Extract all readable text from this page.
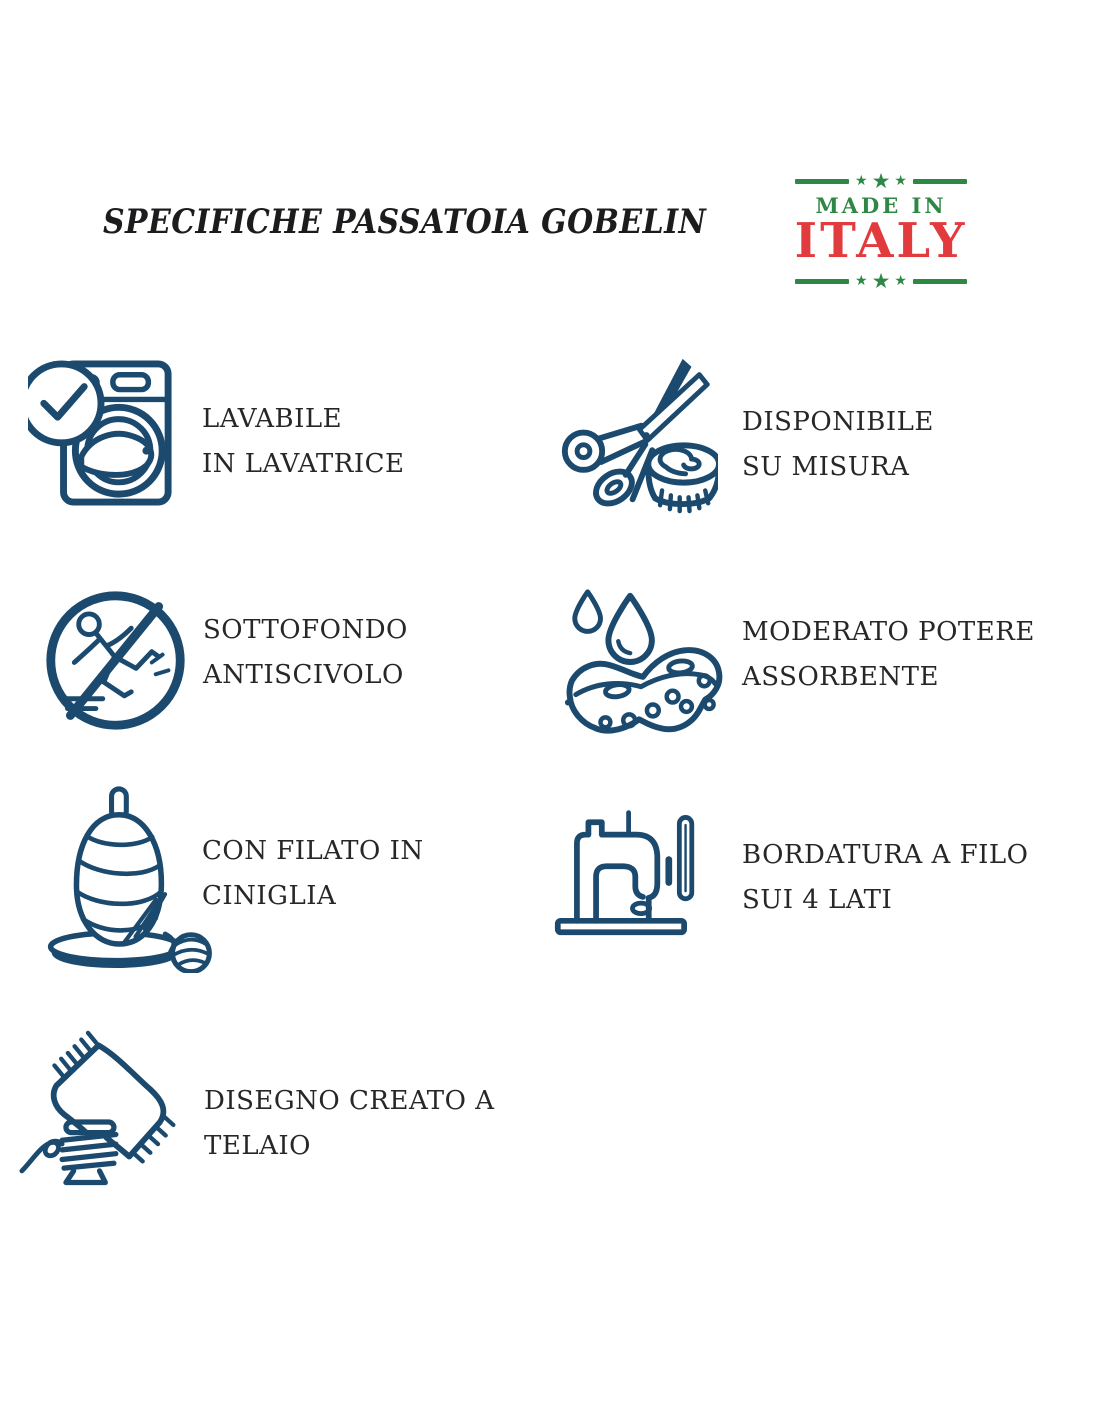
SPECIFICHE PASSATOIA GOBELIN
★ ★ ★
MADE IN
ITALY
★ ★ ★
LAVABILE
IN LAVATRICE
DISPONIBILE
SU MISURA
SOTTOFONDO
ANTISCIVOLO
MODERATO POTERE
ASSORBENTE
CON FILATO IN
CINIGLIA
BORDATURA A FILO
SUI 4 LATI
DISEGNO CREATO A
TELAIO
